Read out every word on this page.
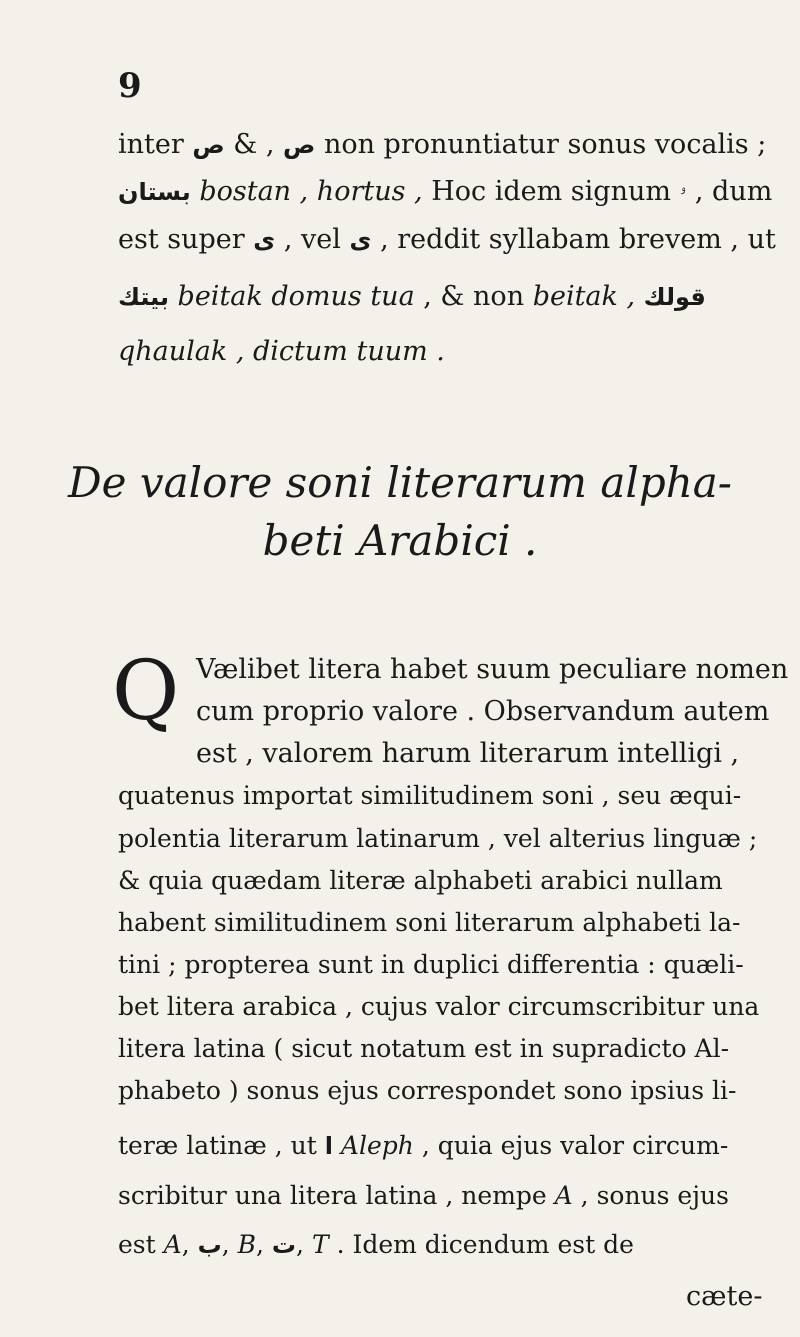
9
inter	ص , & ص	non pronuntiatur sonus vocalis ;
بستان bostan , hortus , Hoc idem signum ۥ , dum
est super ی , vel ی , reddit syllabam brevem , ut
بیتك beitak domus tua , & non beitak , قولك
qhaulak , dictum tuum .
De valore soni literarum alpha-
beti Arabici .
Q Vælibet litera habet suum peculiare nomen
cum proprio valore . Observandum autem
est , valorem harum literarum intelligi ,
quatenus importat similitudinem soni , seu æqui-
polentia literarum latinarum , vel alterius linguæ ;
& quia quædam literæ alphabeti arabici nullam
habent similitudinem soni literarum alphabeti la-
tini ; propterea sunt in duplici differentia : quæli-
bet litera arabica , cujus valor circumscribitur una
litera latina ( sicut notatum est in supradicto Al-
phabeto ) sonus ejus correspondet sono ipsius li-
teræ latinæ , ut ا Aleph , quia ejus valor circum-
scribitur una litera latina , nempe A , sonus ejus
est A, ب, B, ت, T . Idem dicendum est de
cæte-
